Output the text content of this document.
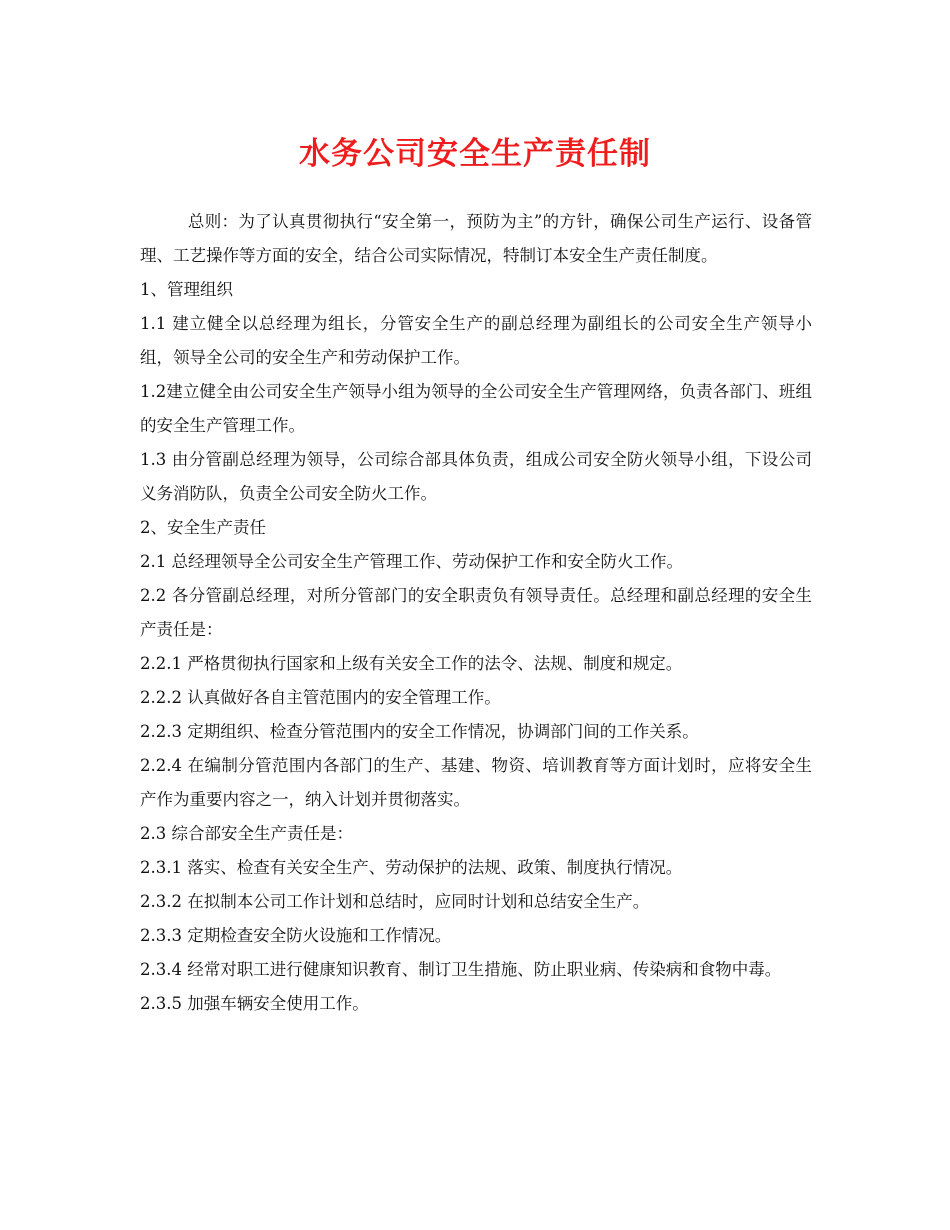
水务公司安全生产责任制

总则：为了认真贯彻执行“安全第一，预防为主”的方针，确保公司生产运行、设备管理、工艺操作等方面的安全，结合公司实际情况，特制订本安全生产责任制度。

1、管理组织

1.1 建立健全以总经理为组长，分管安全生产的副总经理为副组长的公司安全生产领导小组，领导全公司的安全生产和劳动保护工作。

1.2建立健全由公司安全生产领导小组为领导的全公司安全生产管理网络，负责各部门、班组的安全生产管理工作。

1.3 由分管副总经理为领导，公司综合部具体负责，组成公司安全防火领导小组，下设公司义务消防队，负责全公司安全防火工作。

2、安全生产责任

2.1 总经理领导全公司安全生产管理工作、劳动保护工作和安全防火工作。

2.2 各分管副总经理，对所分管部门的安全职责负有领导责任。总经理和副总经理的安全生产责任是：

2.2.1 严格贯彻执行国家和上级有关安全工作的法令、法规、制度和规定。

2.2.2 认真做好各自主管范围内的安全管理工作。

2.2.3 定期组织、检查分管范围内的安全工作情况，协调部门间的工作关系。

2.2.4 在编制分管范围内各部门的生产、基建、物资、培训教育等方面计划时，应将安全生产作为重要内容之一，纳入计划并贯彻落实。

2.3 综合部安全生产责任是：

2.3.1 落实、检查有关安全生产、劳动保护的法规、政策、制度执行情况。

2.3.2 在拟制本公司工作计划和总结时，应同时计划和总结安全生产。

2.3.3 定期检查安全防火设施和工作情况。

2.3.4 经常对职工进行健康知识教育、制订卫生措施、防止职业病、传染病和食物中毒。

2.3.5 加强车辆安全使用工作。
